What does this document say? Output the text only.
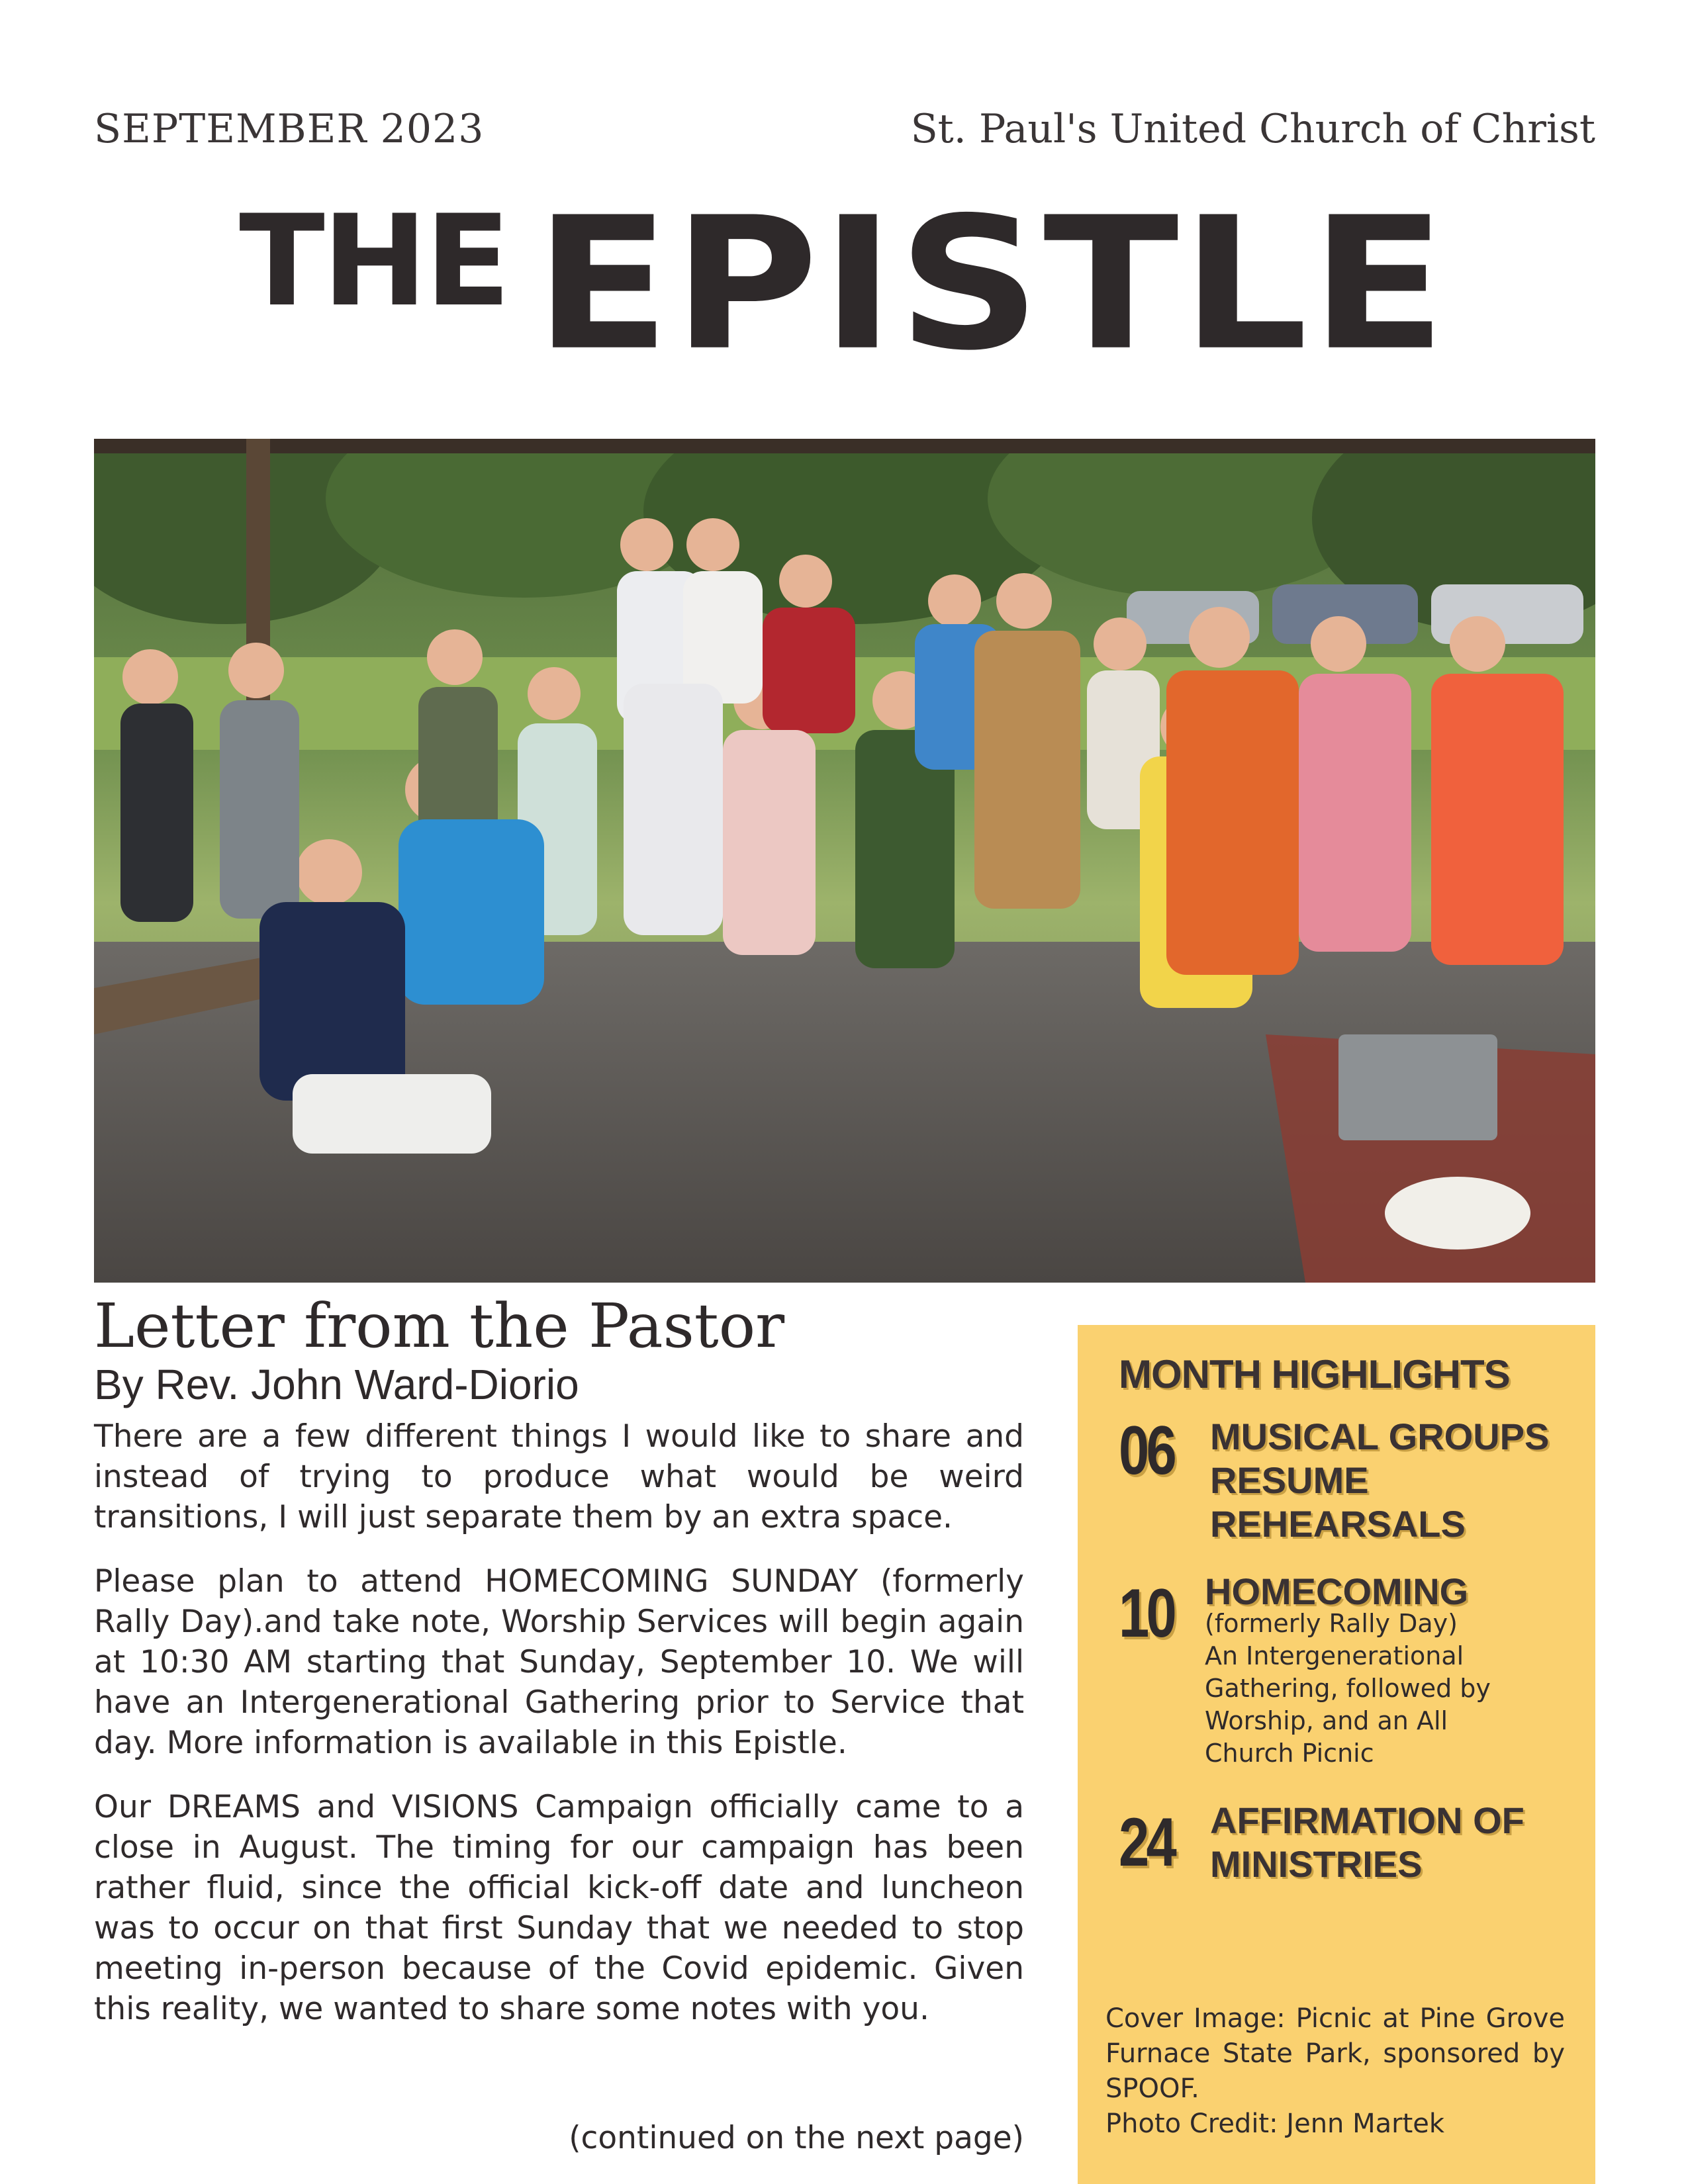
SEPTEMBER 2023	St. Paul's United Church of Christ
THE EPISTLE
Letter from the Pastor
By Rev. John Ward-Diorio

There are a few different things I would like to share and instead of trying to produce what would be weird transitions, I will just separate them by an extra space.

Please plan to attend HOMECOMING SUNDAY (formerly Rally Day).and take note, Worship Services will begin again at 10:30 AM starting that Sunday, September 10. We will have an Intergenerational Gathering prior to Service that day. More information is available in this Epistle.

Our DREAMS and VISIONS Campaign officially came to a close in August. The timing for our campaign has been rather fluid, since the official kick-off date and luncheon was to occur on that first Sunday that we needed to stop meeting in-person because of the Covid epidemic. Given this reality, we wanted to share some notes with you.

(continued on the next page)
MONTH HIGHLIGHTS
06 MUSICAL GROUPS RESUME REHEARSALS
10 HOMECOMING
(formerly Rally Day)
An Intergenerational Gathering, followed by Worship, and an All Church Picnic
24 AFFIRMATION OF MINISTRIES
Cover Image: Picnic at Pine Grove Furnace State Park, sponsored by SPOOF.
Photo Credit: Jenn Martek
